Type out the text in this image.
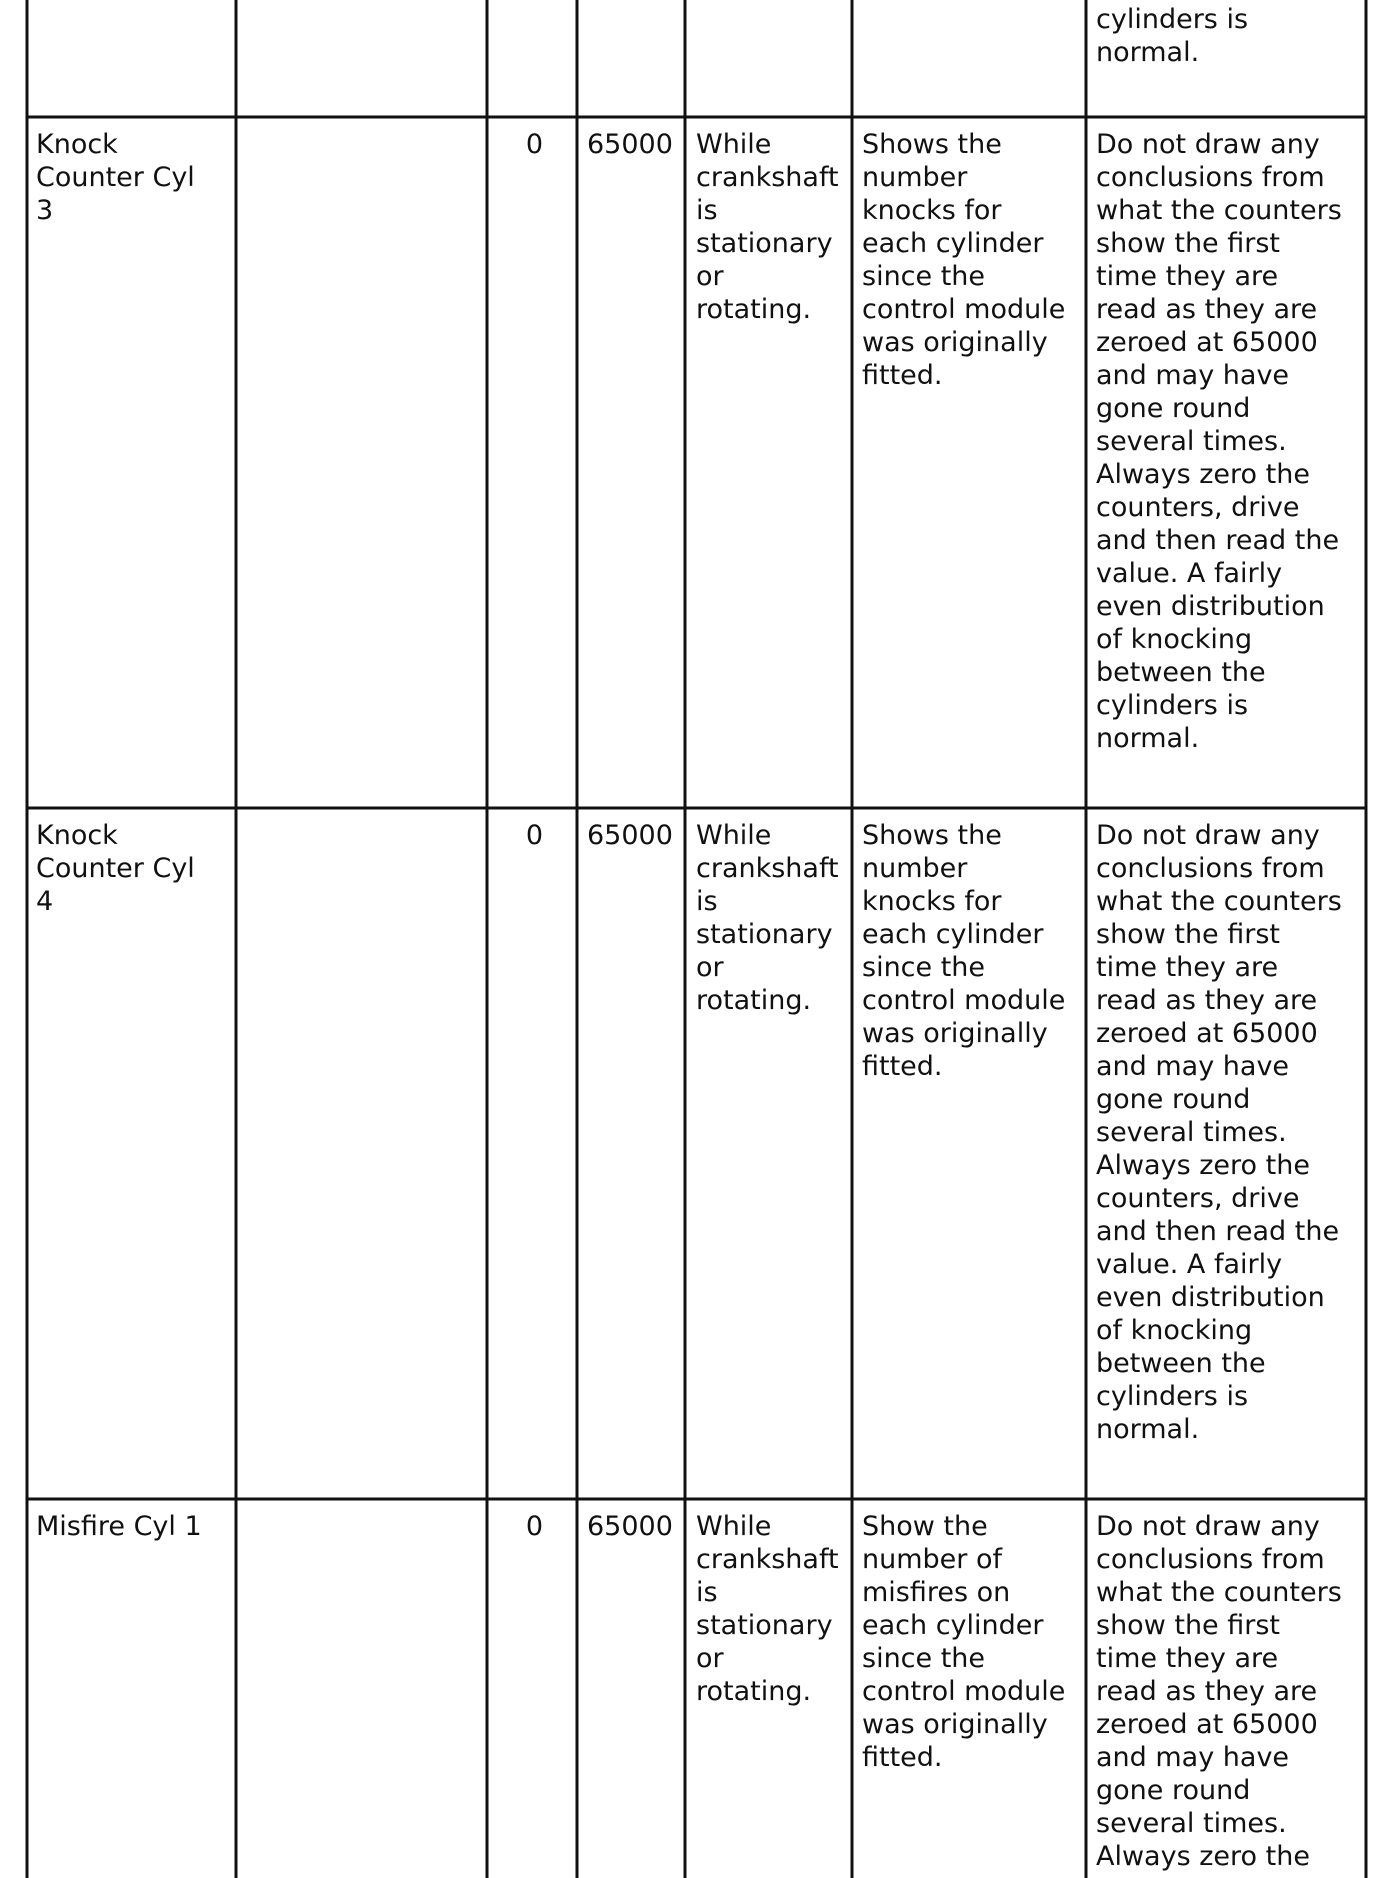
cylinders is
normal.
Knock
Counter Cyl
3
0 65000 While
crankshaft
is
stationary
or
rotating.
Shows the
number
knocks for
each cylinder
since the
control module
was originally
fitted.
Do not draw any
conclusions from
what the counters
show the first
time they are
read as they are
zeroed at 65000
and may have
gone round
several times.
Always zero the
counters, drive
and then read the
value. A fairly
even distribution
of knocking
between the
cylinders is
normal.
Knock
Counter Cyl
4
0 65000 While
crankshaft
is
stationary
or
rotating.
Shows the
number
knocks for
each cylinder
since the
control module
was originally
fitted.
Do not draw any
conclusions from
what the counters
show the first
time they are
read as they are
zeroed at 65000
and may have
gone round
several times.
Always zero the
counters, drive
and then read the
value. A fairly
even distribution
of knocking
between the
cylinders is
normal.
Misfire Cyl 1	0 65000 While
crankshaft
is
stationary
or
rotating.
Show the
number of
misfires on
each cylinder
since the
control module
was originally
fitted.
Do not draw any
conclusions from
what the counters
show the first
time they are
read as they are
zeroed at 65000
and may have
gone round
several times.
Always zero the
